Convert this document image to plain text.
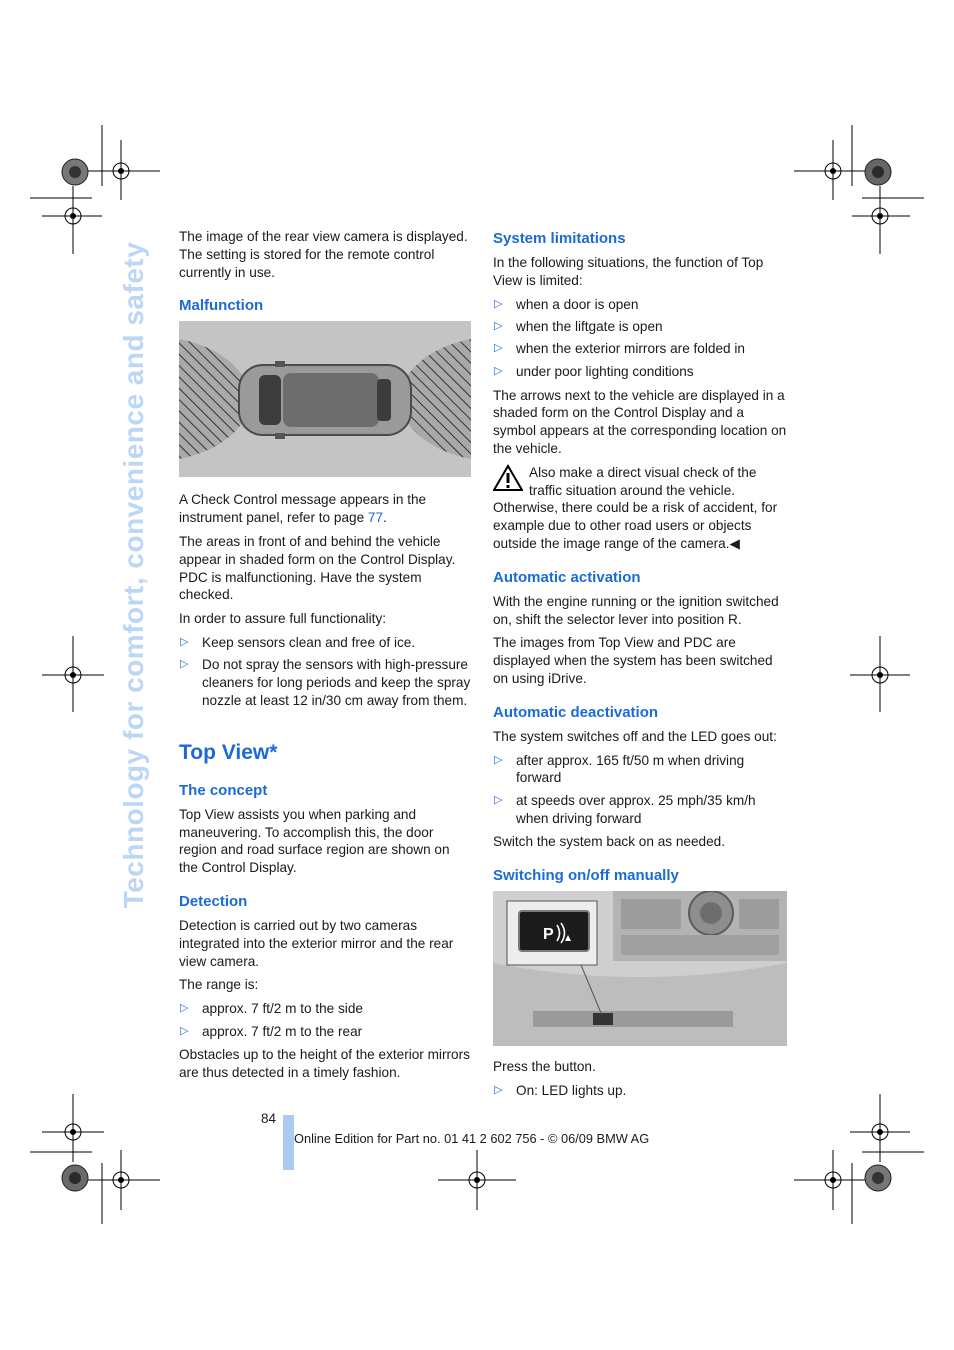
Technology for comfort, convenience and safety

The image of the rear view camera is displayed. The setting is stored for the remote control currently in use.

Malfunction

A Check Control message appears in the instrument panel, refer to page 77.

The areas in front of and behind the vehicle appear in shaded form on the Control Display. PDC is malfunctioning. Have the system checked.

In order to assure full functionality:

▷ Keep sensors clean and free of ice.
▷ Do not spray the sensors with high-pressure cleaners for long periods and keep the spray nozzle at least 12 in/30 cm away from them.
Top View*
The concept

Top View assists you when parking and maneuvering. To accomplish this, the door region and road surface region are shown on the Control Display.

Detection

Detection is carried out by two cameras integrated into the exterior mirror and the rear view camera.

The range is:

▷ approx. 7 ft/2 m to the side
▷ approx. 7 ft/2 m to the rear

Obstacles up to the height of the exterior mirrors are thus detected in a timely fashion.

System limitations

In the following situations, the function of Top View is limited:

▷ when a door is open
▷ when the liftgate is open
▷ when the exterior mirrors are folded in
▷ under poor lighting conditions

The arrows next to the vehicle are displayed in a shaded form on the Control Display and a symbol appears at the corresponding location on the vehicle.

Also make a direct visual check of the traffic situation around the vehicle. Otherwise, there could be a risk of accident, for example due to other road users or objects outside the image range of the camera.◀
Automatic activation

With the engine running or the ignition switched on, shift the selector lever into position R.

The images from Top View and PDC are displayed when the system has been switched on using iDrive.

Automatic deactivation

The system switches off and the LED goes out:

▷ after approx. 165 ft/50 m when driving forward
▷ at speeds over approx. 25 mph/35 km/h when driving forward

Switch the system back on as needed.

Switching on/off manually
P

Press the button.

▷ On: LED lights up.
84
Online Edition for Part no. 01 41 2 602 756 - © 06/09 BMW AG
